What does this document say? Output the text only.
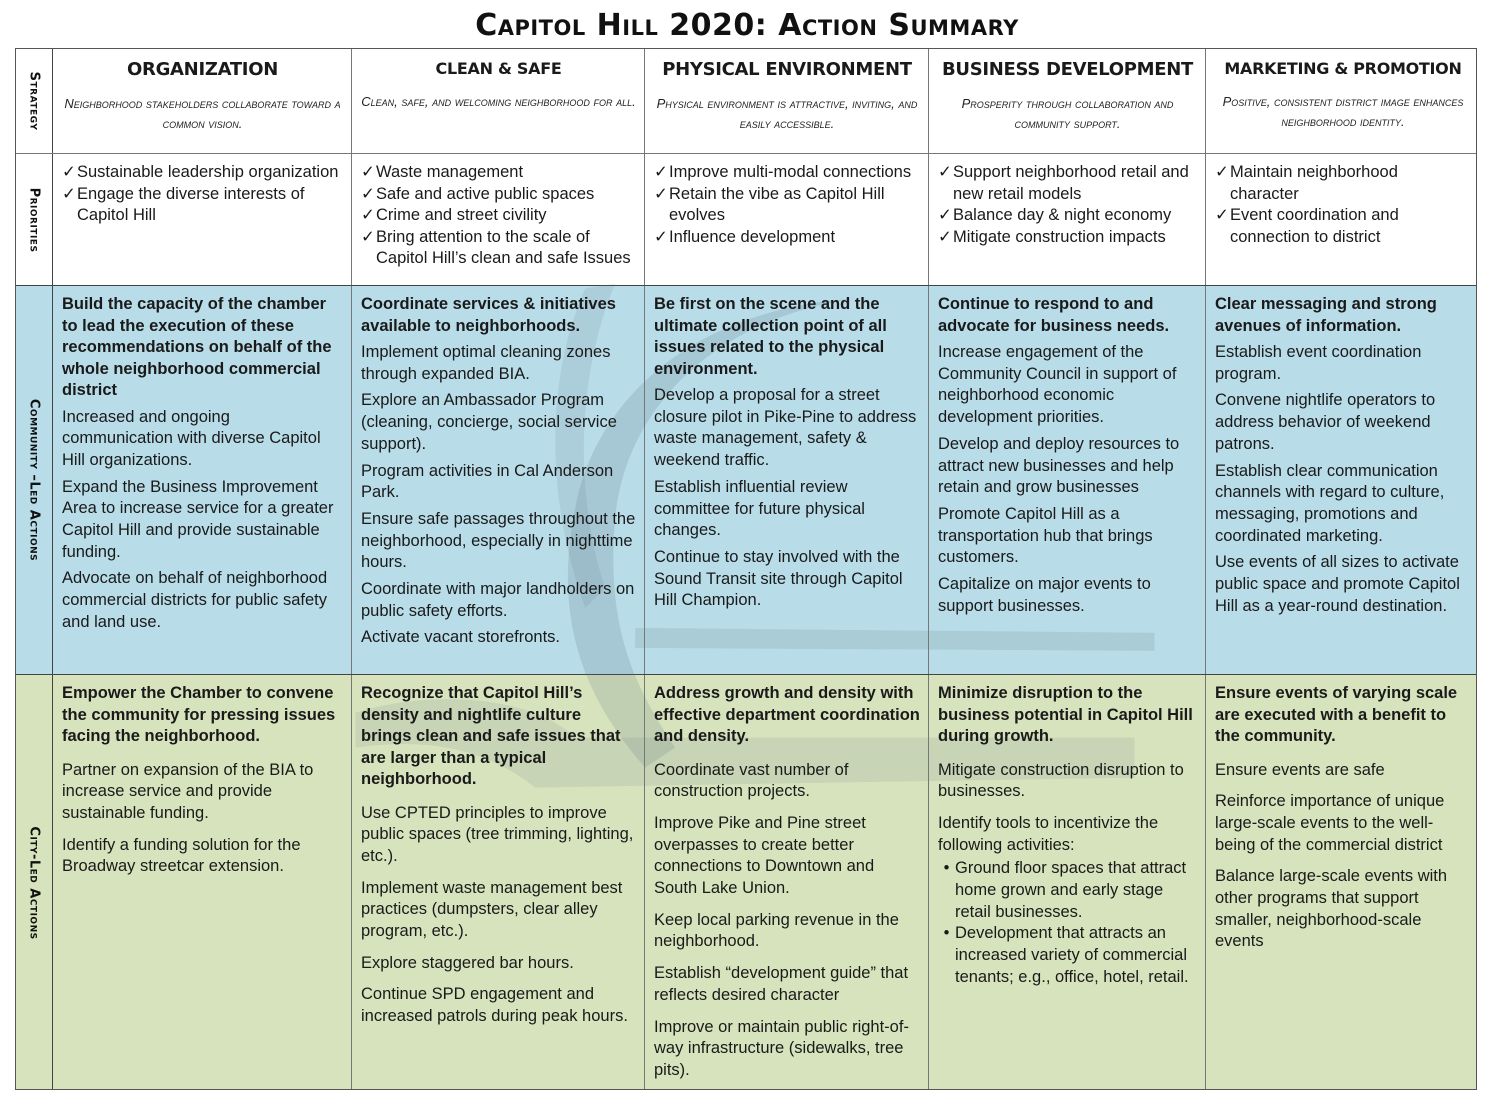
Capitol Hill 2020: Action Summary
Strategy
ORGANIZATION
Neighborhood stakeholders collaborate toward a common vision.
CLEAN & SAFE
Clean, safe, and welcoming neighborhood for all.
PHYSICAL ENVIRONMENT
Physical environment is attractive, inviting, and easily accessible.
BUSINESS DEVELOPMENT
Prosperity through collaboration and community support.
MARKETING & PROMOTION
Positive, consistent district image enhances neighborhood identity.
Priorities
✓Sustainable leadership organization
✓Engage the diverse interests of Capitol Hill
✓Waste management
✓Safe and active public spaces
✓Crime and street civility
✓Bring attention to the scale of Capitol Hill’s clean and safe Issues
✓Improve multi-modal connections
✓Retain the vibe as Capitol Hill evolves
✓Influence development
✓Support neighborhood retail and new retail models
✓Balance day & night economy
✓Mitigate construction impacts
✓Maintain neighborhood character
✓Event coordination and connection to district
Community –Led Actions
Build the capacity of the chamber to lead the execution of these recommendations on behalf of the whole neighborhood commercial district
Increased and ongoing communication with diverse Capitol Hill organizations.
Expand the Business Improvement Area to increase service for a greater Capitol Hill and provide sustainable funding.
Advocate on behalf of neighborhood commercial districts for public safety and land use.
Coordinate services & initiatives available to neighborhoods.
Implement optimal cleaning zones through expanded BIA.
Explore an Ambassador Program (cleaning, concierge, social service support).
Program activities in Cal Anderson Park.
Ensure safe passages throughout the neighborhood, especially in nighttime hours.
Coordinate with major landholders on public safety efforts.
Activate vacant storefronts.
Be first on the scene and the ultimate collection point of all issues related to the physical environment.
Develop a proposal for a street closure pilot in Pike-Pine to address waste management, safety & weekend traffic.
Establish influential review committee for future physical changes.
Continue to stay involved with the Sound Transit site through Capitol Hill Champion.
Continue to respond to and advocate for business needs.
Increase engagement of the Community Council in support of neighborhood economic development priorities.
Develop and deploy resources to attract new businesses and help retain and grow businesses
Promote Capitol Hill as a transportation hub that brings customers.
Capitalize on major events to support businesses.
Clear messaging and strong avenues of information.
Establish event coordination program.
Convene nightlife operators to address behavior of weekend patrons.
Establish clear communication channels with regard to culture, messaging, promotions and coordinated marketing.
Use events of all sizes to activate public space and promote Capitol Hill as a year-round destination.
City-Led Actions
Empower the Chamber to convene the community for pressing issues facing the neighborhood.
Partner on expansion of the BIA to increase service and provide sustainable funding.
Identify a funding solution for the Broadway streetcar extension.
Recognize that Capitol Hill’s density and nightlife culture brings clean and safe issues that are larger than a typical neighborhood.
Use CPTED principles to improve public spaces (tree trimming, lighting, etc.).
Implement waste management best practices (dumpsters, clear alley program, etc.).
Explore staggered bar hours.
Continue SPD engagement and increased patrols during peak hours.
Address growth and density with effective department coordination and density.
Coordinate vast number of construction projects.
Improve Pike and Pine street overpasses to create better connections to Downtown and South Lake Union.
Keep local parking revenue in the neighborhood.
Establish “development guide” that reflects desired character
Improve or maintain public right-of-way infrastructure (sidewalks, tree pits).
Minimize disruption to the business potential in Capitol Hill during growth.
Mitigate construction disruption to businesses.
Identify tools to incentivize the following activities:
• Ground floor spaces that attract home grown and early stage retail businesses.
• Development that attracts an increased variety of commercial tenants; e.g., office, hotel, retail.
Ensure events of varying scale are executed with a benefit to the community.
Ensure events are safe
Reinforce importance of unique large-scale events to the well-being of the commercial district
Balance large-scale events with other programs that support smaller, neighborhood-scale events
